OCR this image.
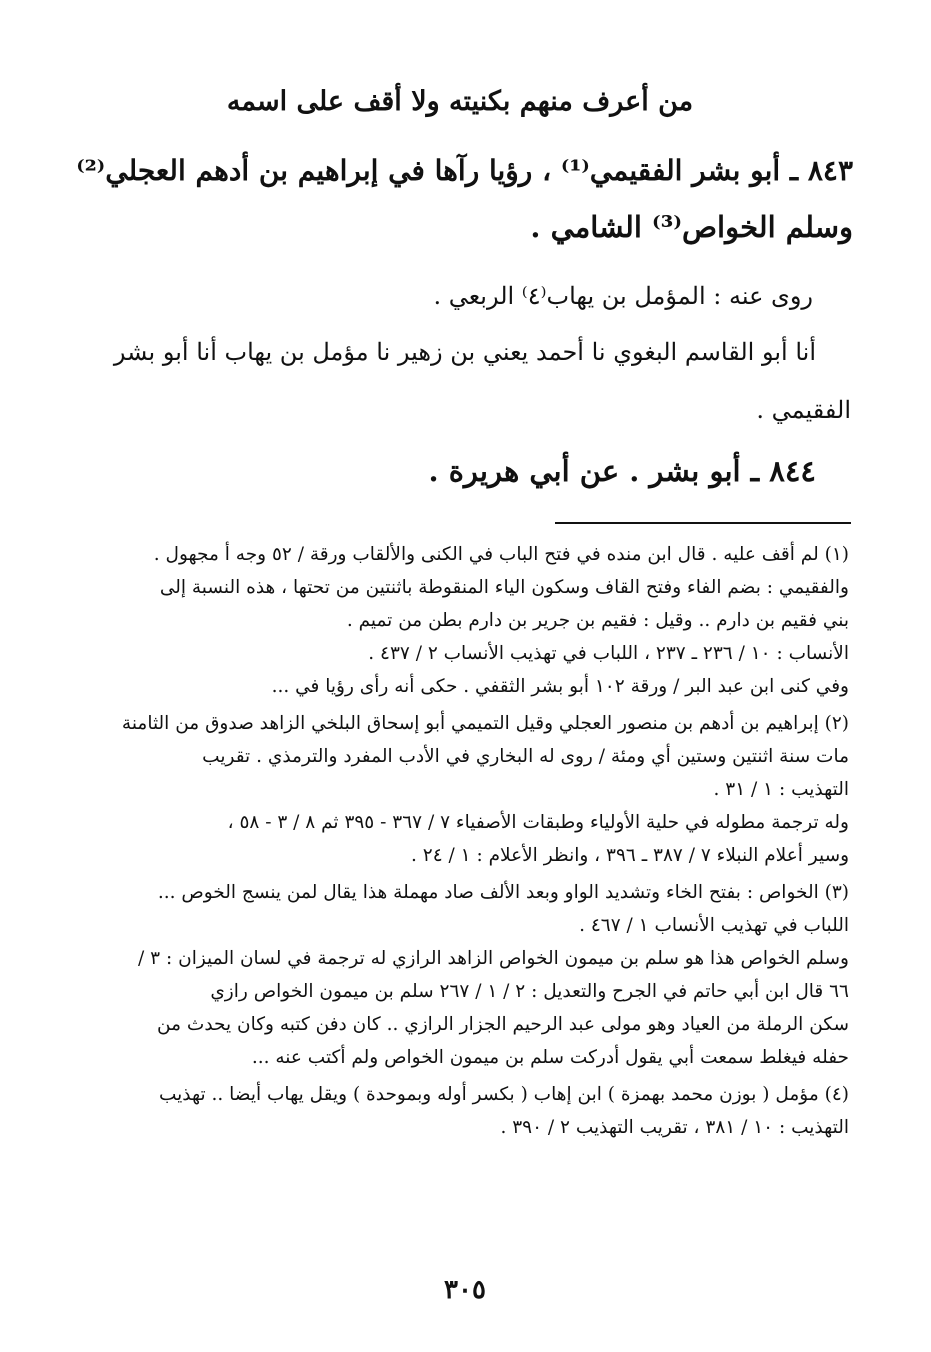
من أعرف منهم بكنيته ولا أقف على اسمه
٨٤٣ ـ أبو بشر الفقيمي⁽¹⁾ ، رؤيا رآها في إبراهيم بن أدهم العجلي⁽²⁾
وسلم الخواص⁽³⁾ الشامي .
روى عنه : المؤمل بن يهاب⁽٤⁾ الربعي .
أنا أبو القاسم البغوي نا أحمد يعني بن زهير نا مؤمل بن يهاب أنا أبو بشر
الفقيمي .
٨٤٤ ـ أبو بشر . عن أبي هريرة .
(١) لم أقف عليه . قال ابن منده في فتح الباب في الكنى والألقاب ورقة / ٥٢ وجه أ مجهول .
والفقيمي : بضم الفاء وفتح القاف وسكون الياء المنقوطة باثنتين من تحتها ، هذه النسبة إلى
بني فقيم بن دارم .. وقيل : فقيم بن جرير بن دارم بطن من تميم .
الأنساب : ١٠ / ٢٣٦ ـ ٢٣٧ ، اللباب في تهذيب الأنساب ٢ / ٤٣٧ .
وفي كنى ابن عبد البر / ورقة ١٠٢ أبو بشر الثقفي . حكى أنه رأى رؤيا في ...
(٢) إبراهيم بن أدهم بن منصور العجلي وقيل التميمي أبو إسحاق البلخي الزاهد صدوق من الثامنة
مات سنة اثنتين وستين أي ومئة / روى له البخاري في الأدب المفرد والترمذي . تقريب
التهذيب : ١ / ٣١ .
وله ترجمة مطوله في حلية الأولياء وطبقات الأصفياء ٧ / ٣٦٧ - ٣٩٥ ثم ٨ / ٣ - ٥٨ ،
وسير أعلام النبلاء ٧ / ٣٨٧ ـ ٣٩٦ ، وانظر الأعلام : ١ / ٢٤ .
(٣) الخواص : بفتح الخاء وتشديد الواو وبعد الألف صاد مهملة هذا يقال لمن ينسج الخوص ...
اللباب في تهذيب الأنساب ١ / ٤٦٧ .
وسلم الخواص هذا هو سلم بن ميمون الخواص الزاهد الرازي له ترجمة في لسان الميزان : ٣ /
٦٦ قال ابن أبي حاتم في الجرح والتعديل : ٢ / ١ / ٢٦٧ سلم بن ميمون الخواص رازي
سكن الرملة من العياد وهو مولى عبد الرحيم الجزار الرازي .. كان دفن كتبه وكان يحدث من
حفله فيغلط سمعت أبي يقول أدركت سلم بن ميمون الخواص ولم أكتب عنه ...
(٤) مؤمل ( بوزن محمد بهمزة ) ابن إهاب ( بكسر أوله وبموحدة ) ويقل يهاب أيضا .. تهذيب
التهذيب : ١٠ / ٣٨١ ، تقريب التهذيب ٢ / ٣٩٠ .
٣٠٥
